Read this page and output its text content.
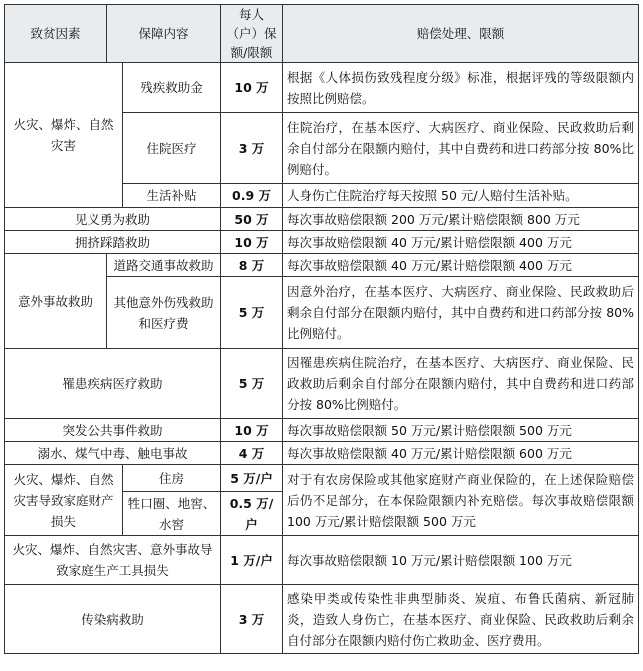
致贫因素	保障内容		每人（户）保额/限额	赔偿处理、限额
火灾、爆炸、自然灾害		残疾救助金	10 万	根据《人体损伤致残程度分级》标准，根据评残的等级限额内按照比例赔偿。
		住院医疗	3 万	住院治疗，在基本医疗、大病医疗、商业保险、民政救助后剩余自付部分在限额内赔付，其中自费药和进口药部分按 80%比例赔付。
		生活补贴	0.9 万	人身伤亡住院治疗每天按照 50 元/人赔付生活补贴。
见义勇为救助			50 万	每次事故赔偿限额 200 万元/累计赔偿限额 800 万元
拥挤踩踏救助			10 万	每次事故赔偿限额 40 万元/累计赔偿限额 400 万元
意外事故救助	道路交通事故救助		8 万	每次事故赔偿限额 40 万元/累计赔偿限额 400 万元
	其他意外伤残救助和医疗费		5 万	因意外治疗，在基本医疗、大病医疗、商业保险、民政救助后剩余自付部分在限额内赔付，其中自费药和进口药部分按 80%比例赔付。
罹患疾病医疗救助			5 万	因罹患疾病住院治疗，在基本医疗、大病医疗、商业保险、民政救助后剩余自付部分在限额内赔付，其中自费药和进口药部分按 80%比例赔付。
突发公共事件救助			10 万	每次事故赔偿限额 50 万元/累计赔偿限额 500 万元
溺水、煤气中毒、触电事故			4 万	每次事故赔偿限额 40 万元/累计赔偿限额 600 万元
火灾、爆炸、自然灾害导致家庭财产损失		住房	5 万/户	对于有农房保险或其他家庭财产商业保险的，在上述保险赔偿后仍不足部分，在本保险限额内补充赔偿。每次事故赔偿限额 100 万元/累计赔偿限额 500 万元
		牲口圈、地窖、水窖	0.5 万/户	
火灾、爆炸、自然灾害、意外事故导致家庭生产工具损失			1 万/户	每次事故赔偿限额 10 万元/累计赔偿限额 100 万元
传染病救助			3 万	感染甲类或传染性非典型肺炎、炭疽、布鲁氏菌病、新冠肺炎，造致人身伤亡，在基本医疗、商业保险、民政救助后剩余自付部分在限额内赔付伤亡救助金、医疗费用。
